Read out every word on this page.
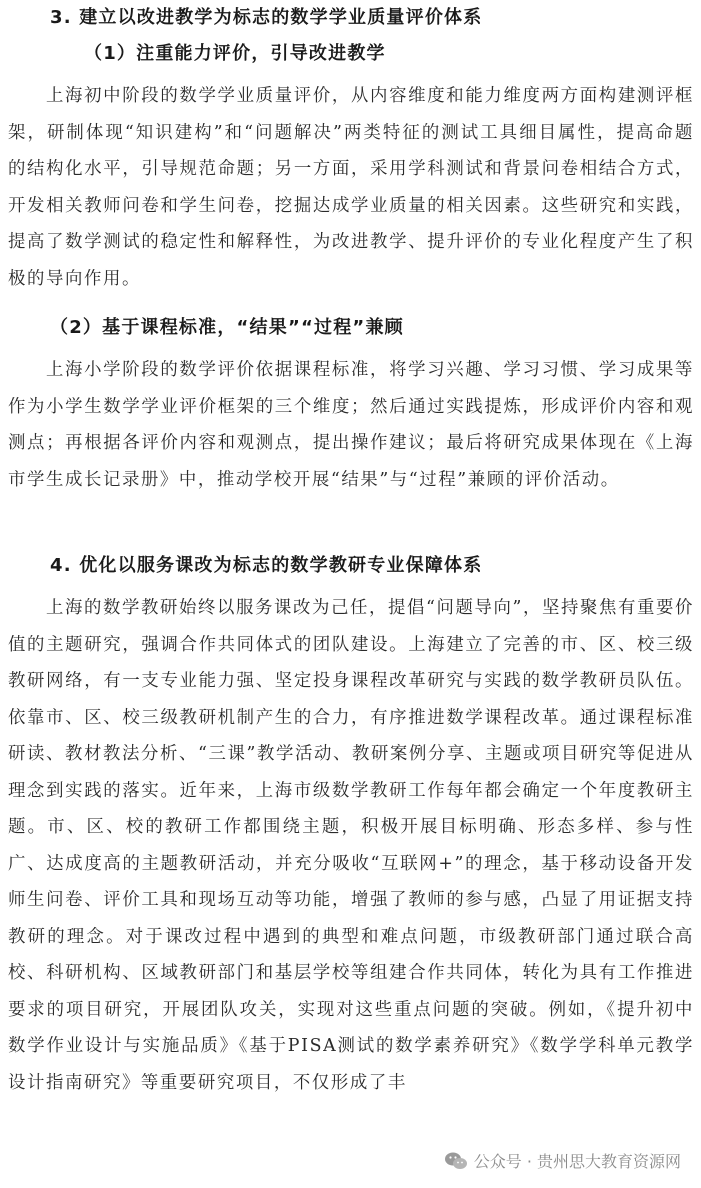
3. 建立以改进教学为标志的数学学业质量评价体系
（1）注重能力评价，引导改进教学

上海初中阶段的数学学业质量评价，从内容维度和能力维度两方面构建测评框架，研制体现“知识建构”和“问题解决”两类特征的测试工具细目属性，提高命题的结构化水平，引导规范命题；另一方面，采用学科测试和背景问卷相结合方式，开发相关教师问卷和学生问卷，挖掘达成学业质量的相关因素。这些研究和实践，提高了数学测试的稳定性和解释性，为改进教学、提升评价的专业化程度产生了积极的导向作用。

（2）基于课程标准，“结果”“过程”兼顾

上海小学阶段的数学评价依据课程标准，将学习兴趣、学习习惯、学习成果等作为小学生数学学业评价框架的三个维度；然后通过实践提炼，形成评价内容和观测点；再根据各评价内容和观测点，提出操作建议；最后将研究成果体现在《上海市学生成长记录册》中，推动学校开展“结果”与“过程”兼顾的评价活动。

4. 优化以服务课改为标志的数学教研专业保障体系

上海的数学教研始终以服务课改为己任，提倡“问题导向”，坚持聚焦有重要价值的主题研究，强调合作共同体式的团队建设。上海建立了完善的市、区、校三级教研网络，有一支专业能力强、坚定投身课程改革研究与实践的数学教研员队伍。依靠市、区、校三级教研机制产生的合力，有序推进数学课程改革。通过课程标准研读、教材教法分析、“三课”教学活动、教研案例分享、主题或项目研究等促进从理念到实践的落实。近年来，上海市级数学教研工作每年都会确定一个年度教研主题。市、区、校的教研工作都围绕主题，积极开展目标明确、形态多样、参与性广、达成度高的主题教研活动，并充分吸收“互联网+”的理念，基于移动设备开发师生问卷、评价工具和现场互动等功能，增强了教师的参与感，凸显了用证据支持教研的理念。对于课改过程中遇到的典型和难点问题，市级教研部门通过联合高校、科研机构、区域教研部门和基层学校等组建合作共同体，转化为具有工作推进要求的项目研究，开展团队攻关，实现对这些重点问题的突破。例如，《提升初中数学作业设计与实施品质》《基于PISA测试的数学素养研究》《数学学科单元教学设计指南研究》等重要研究项目，不仅形成了丰

公众号 · 贵州思大教育资源网
